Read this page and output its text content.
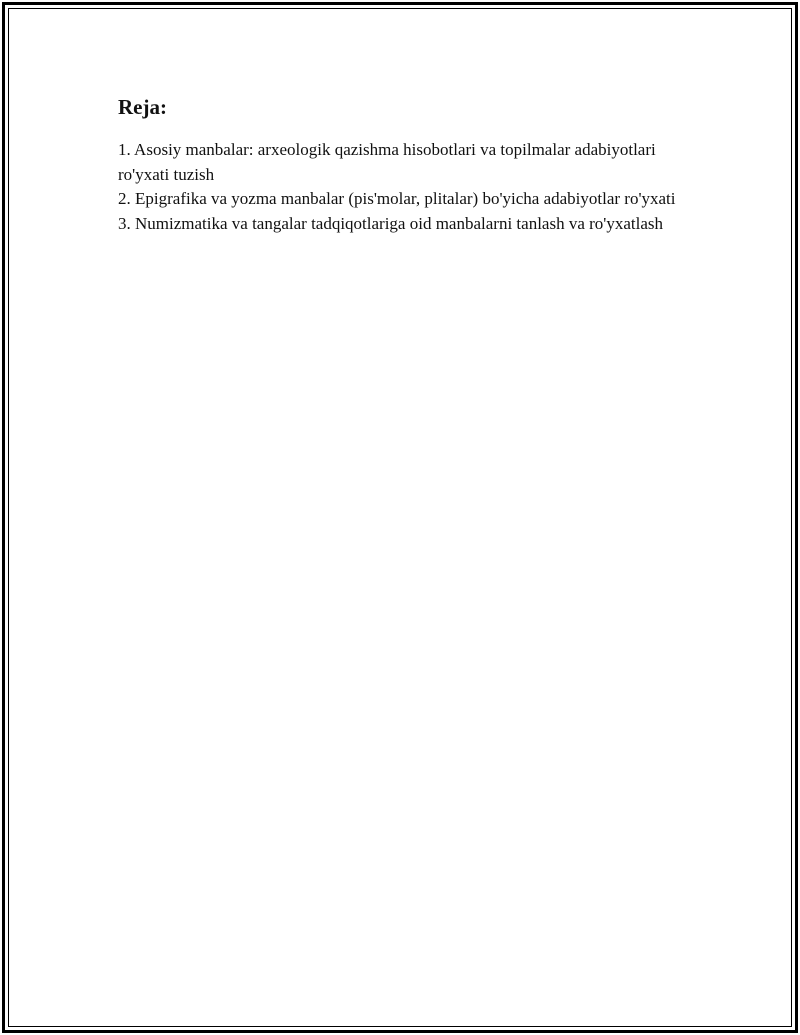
Reja:
1. Asosiy manbalar: arxeologik qazishma hisobotlari va topilmalar adabiyotlari ro'yxati tuzish
2. Epigrafika va yozma manbalar (pis'molar, plitalar) bo'yicha adabiyotlar ro'yxati
3. Numizmatika va tangalar tadqiqotlariga oid manbalarni tanlash va ro'yxatlash
